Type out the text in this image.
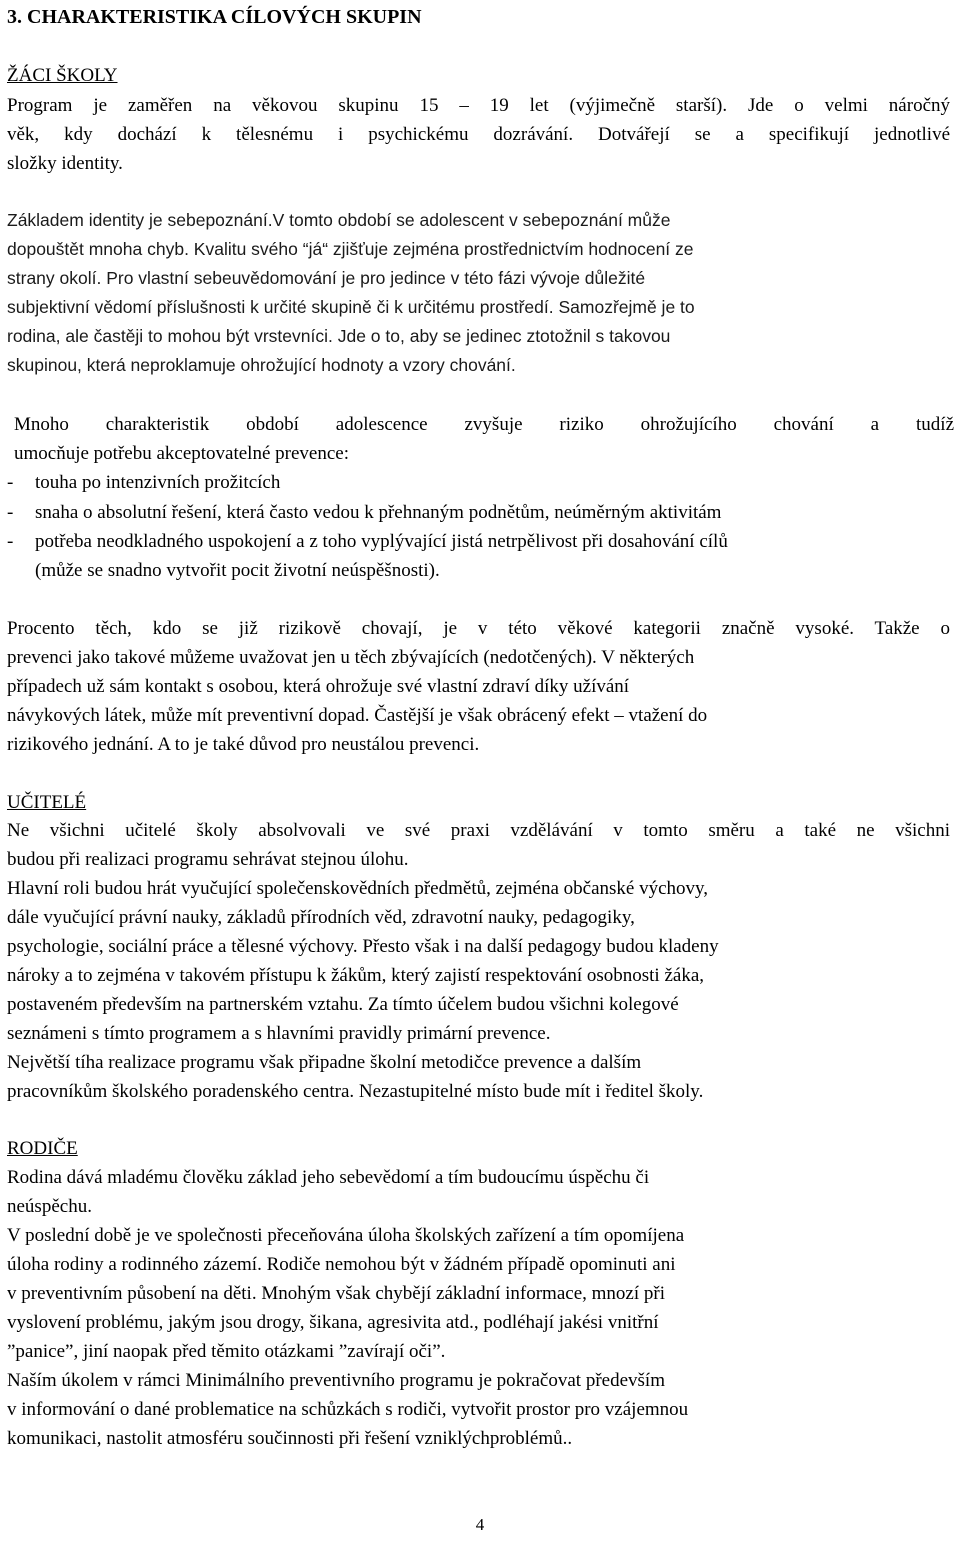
3. CHARAKTERISTIKA CÍLOVÝCH SKUPIN
ŽÁCI ŠKOLY
Program je zaměřen na věkovou skupinu 15 – 19 let (výjimečně starší). Jde o velmi náročný
věk, kdy dochází k tělesnému i psychickému dozrávání. Dotvářejí se a specifikují jednotlivé
složky identity.
Základem identity je sebepoznání.V tomto období se adolescent v sebepoznání může
dopouštět mnoha chyb. Kvalitu svého “já“ zjišťuje zejména prostřednictvím hodnocení ze
strany okolí. Pro vlastní sebeuvědomování je pro jedince v této fázi vývoje důležité
subjektivní vědomí příslušnosti k určité skupině či k určitému prostředí. Samozřejmě je to
rodina, ale častěji to mohou být vrstevníci. Jde o to, aby se jedinec ztotožnil s takovou
skupinou, která neproklamuje ohrožující hodnoty a vzory chování.
Mnoho charakteristik období adolescence zvyšuje riziko ohrožujícího chování a tudíž
umocňuje potřebu akceptovatelné prevence:
- touha po intenzivních prožitcích
- snaha o absolutní řešení, která často vedou k přehnaným podnětům, neúměrným aktivitám
- potřeba neodkladného uspokojení a z toho vyplývající jistá netrpělivost při dosahování cílů
(může se snadno vytvořit pocit životní neúspěšnosti).
Procento těch, kdo se již rizikově chovají, je v této věkové kategorii značně vysoké. Takže o
prevenci jako takové můžeme uvažovat jen u těch zbývajících (nedotčených). V některých
případech už sám kontakt s osobou, která ohrožuje své vlastní zdraví díky užívání
návykových látek, může mít preventivní dopad. Častější je však obrácený efekt – vtažení do
rizikového jednání. A to je také důvod pro neustálou prevenci.
UČITELÉ
Ne všichni učitelé školy absolvovali ve své praxi vzdělávání v tomto směru a také ne všichni
budou při realizaci programu sehrávat stejnou úlohu.
Hlavní roli budou hrát vyučující společenskovědních předmětů, zejména občanské výchovy,
dále vyučující právní nauky, základů přírodních věd, zdravotní nauky, pedagogiky,
psychologie, sociální práce a tělesné výchovy. Přesto však i na další pedagogy budou kladeny
nároky a to zejména v takovém přístupu k žákům, který zajistí respektování osobnosti žáka,
postaveném především na partnerském vztahu. Za tímto účelem budou všichni kolegové
seznámeni s tímto programem a s hlavními pravidly primární prevence.
Největší tíha realizace programu však připadne školní metodičce prevence a dalším
pracovníkům školského poradenského centra. Nezastupitelné místo bude mít i ředitel školy.
RODIČE
Rodina dává mladému člověku základ jeho sebevědomí a tím budoucímu úspěchu či
neúspěchu.
V poslední době je ve společnosti přeceňována úloha školských zařízení a tím opomíjena
úloha rodiny a rodinného zázemí. Rodiče nemohou být v žádném případě opominuti ani
v preventivním působení na děti. Mnohým však chybějí základní informace, mnozí při
vyslovení problému, jakým jsou drogy, šikana, agresivita atd., podléhají jakési vnitřní
”panice”, jiní naopak před těmito otázkami ”zavírají oči”.
Naším úkolem v rámci Minimálního preventivního programu je pokračovat především
v informování o dané problematice na schůzkách s rodiči, vytvořit prostor pro vzájemnou
komunikaci, nastolit atmosféru součinnosti při řešení vzniklýchproblémů..
4
